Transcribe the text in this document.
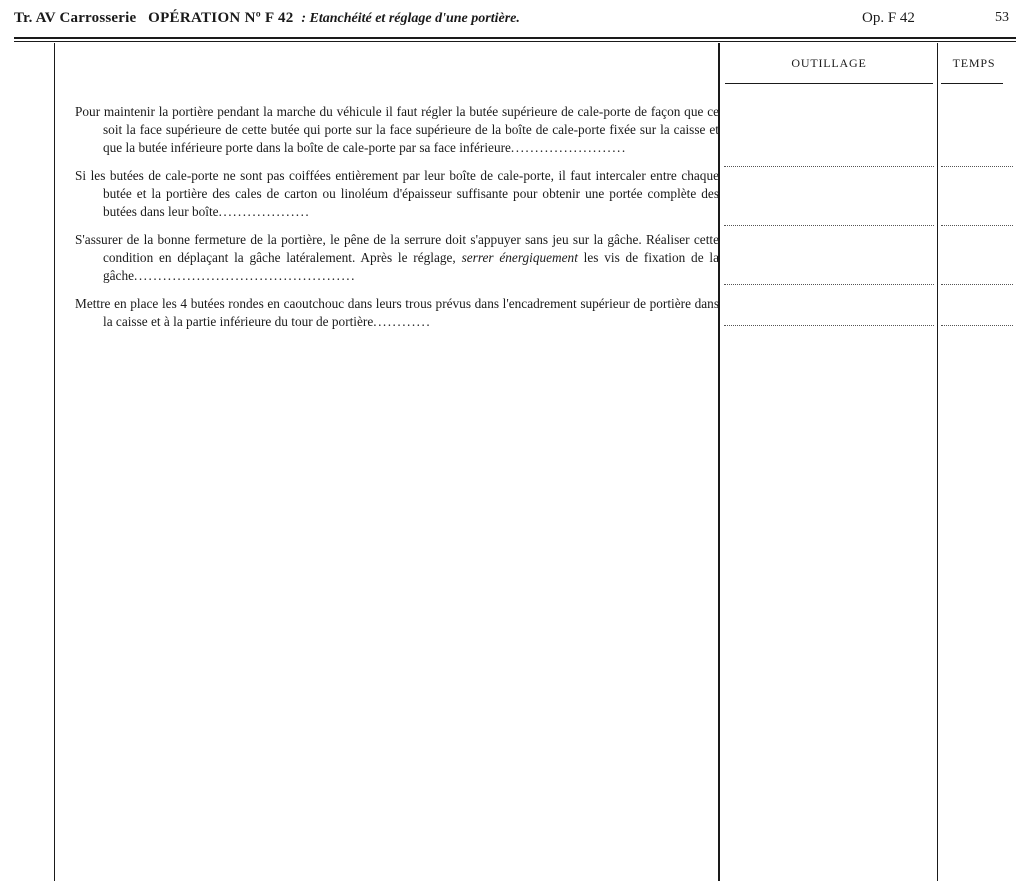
Tr. AV Carrosserie OPÉRATION Nº F 42 : Etanchéité et réglage d'une portière.	Op. F 42	53
OUTILLAGE	TEMPS

Pour maintenir la portière pendant la marche du véhicule il faut régler la butée supérieure de cale-porte de façon que ce soit la face supérieure de cette butée qui porte sur la face supérieure de la boîte de cale-porte fixée sur la caisse et que la butée inférieure porte dans la boîte de cale-porte par sa face inférieure........................

Si les butées de cale-porte ne sont pas coiffées entièrement par leur boîte de cale-porte, il faut intercaler entre chaque butée et la portière des cales de carton ou linoléum d'épaisseur suffisante pour obtenir une portée complète des butées dans leur boîte...................

S'assurer de la bonne fermeture de la portière, le pêne de la serrure doit s'appuyer sans jeu sur la gâche. Réaliser cette condition en déplaçant la gâche latéralement. Après le réglage, serrer énergiquement les vis de fixation de la gâche..............................................

Mettre en place les 4 butées rondes en caoutchouc dans leurs trous prévus dans l'encadrement supérieur de portière dans la caisse et à la partie inférieure du tour de portière............
